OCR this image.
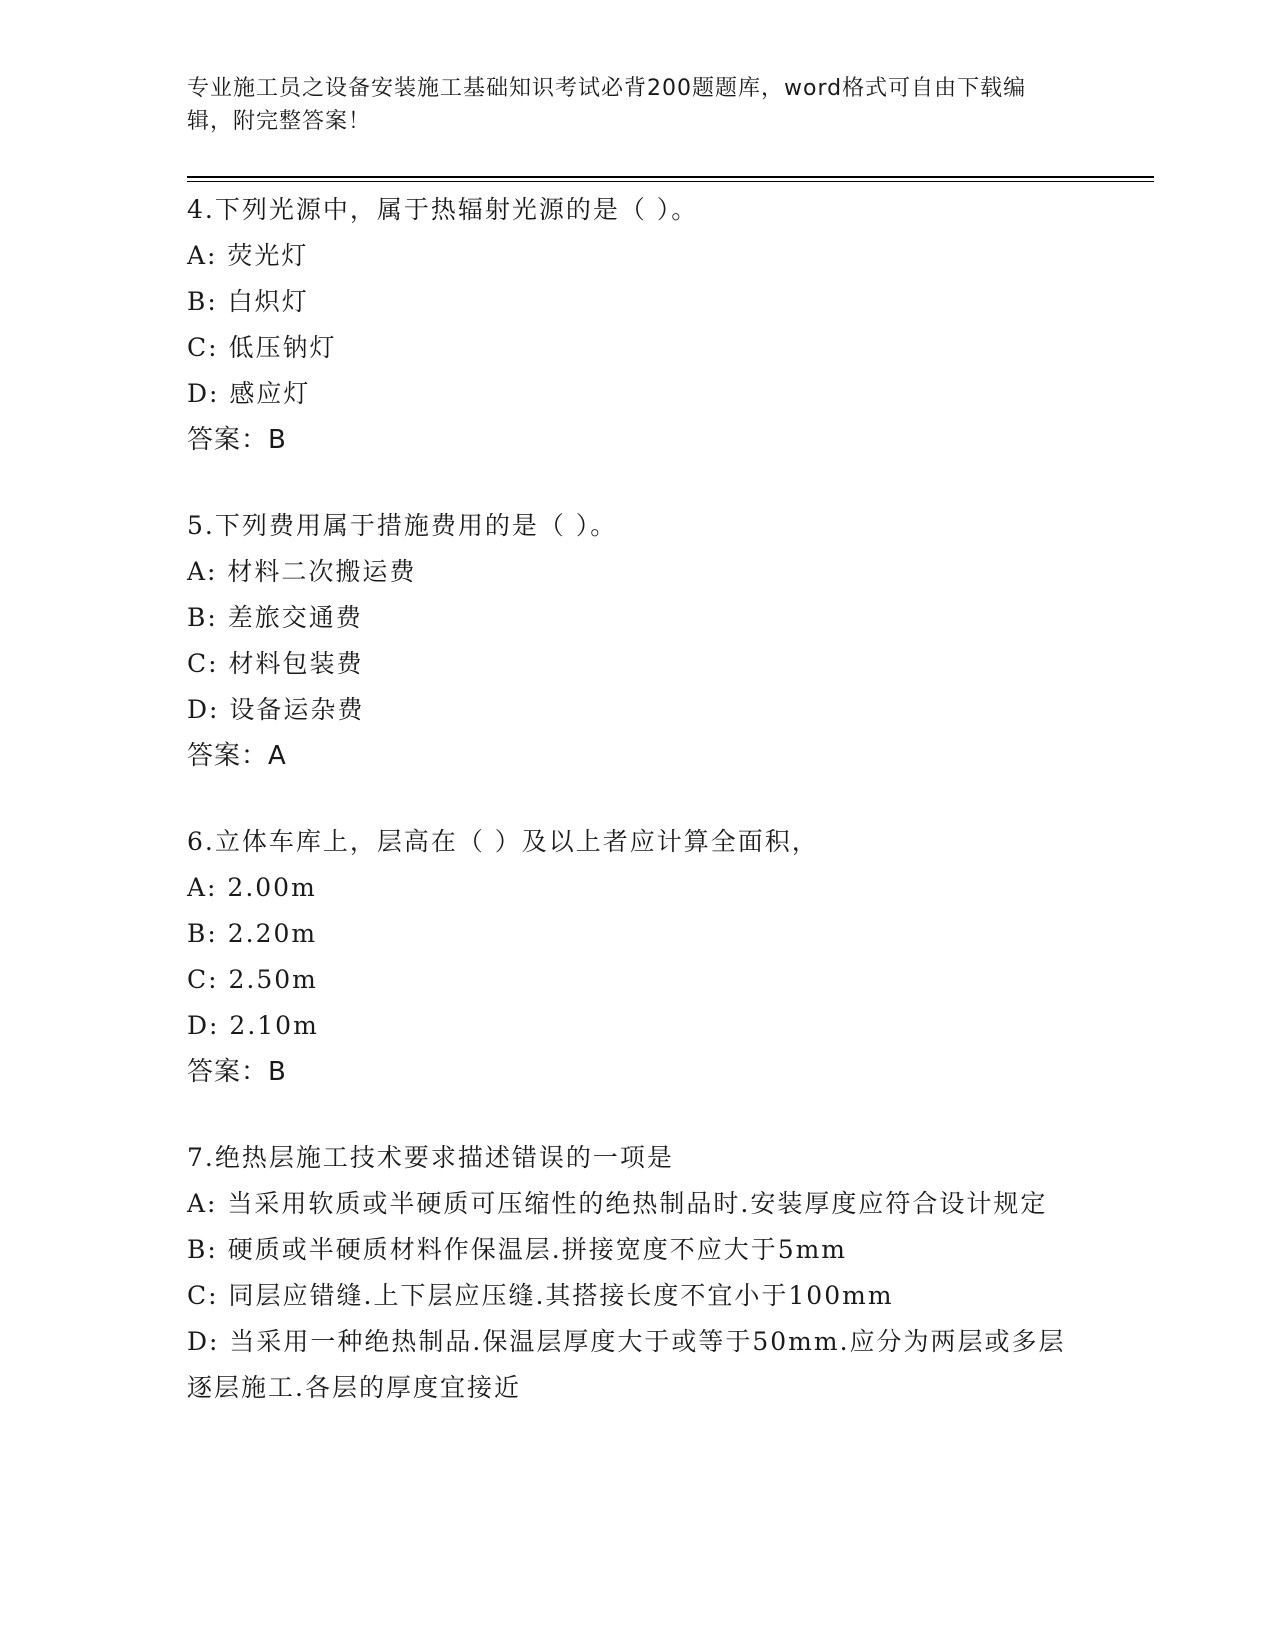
专业施工员之设备安装施工基础知识考试必背200题题库，word格式可自由下载编辑，附完整答案！
4.下列光源中，属于热辐射光源的是（ ）。
A: 荧光灯
B: 白炽灯
C: 低压钠灯
D: 感应灯
答案：B
5.下列费用属于措施费用的是（ ）。
A: 材料二次搬运费
B: 差旅交通费
C: 材料包装费
D: 设备运杂费
答案：A
6.立体车库上，层高在（ ）及以上者应计算全面积，
A: 2.00m
B: 2.20m
C: 2.50m
D: 2.10m
答案：B
7.绝热层施工技术要求描述错误的一项是
A: 当采用软质或半硬质可压缩性的绝热制品时.安装厚度应符合设计规定
B: 硬质或半硬质材料作保温层.拼接宽度不应大于5mm
C: 同层应错缝.上下层应压缝.其搭接长度不宜小于100mm
D: 当采用一种绝热制品.保温层厚度大于或等于50mm.应分为两层或多层逐层施工.各层的厚度宜接近
